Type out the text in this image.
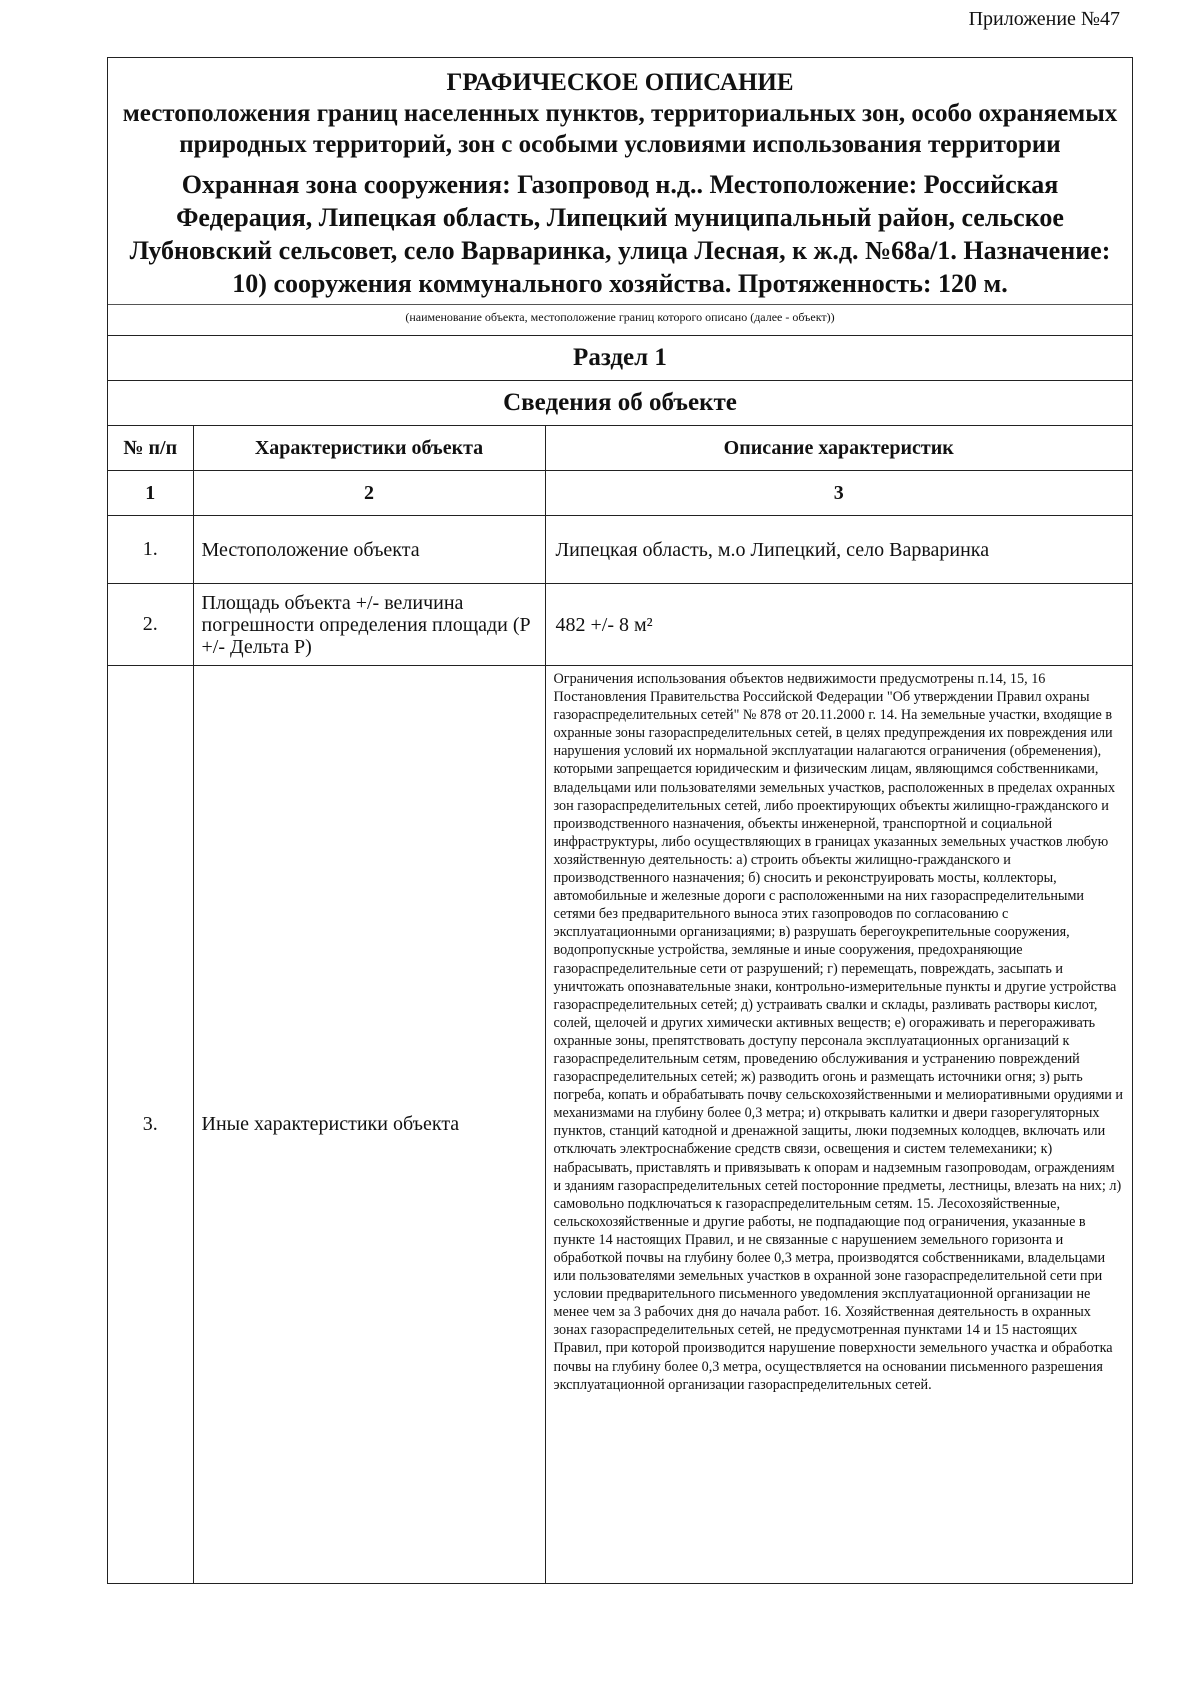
Приложение №47
ГРАФИЧЕСКОЕ ОПИСАНИЕ
местоположения границ населенных пунктов, территориальных зон, особо охраняемых природных территорий, зон с особыми условиями использования территории
Охранная зона сооружения: Газопровод н.д.. Местоположение: Российская Федерация, Липецкая область, Липецкий муниципальный район, сельское Лубновский сельсовет, село Варваринка, улица Лесная, к ж.д. №68а/1. Назначение: 10) сооружения коммунального хозяйства. Протяженность: 120 м.
(наименование объекта, местоположение границ которого описано (далее - объект))
Раздел 1
Сведения об объекте
№ п/п	Характеристики объекта	Описание характеристик
1	2	3
1.	Местоположение объекта	Липецкая область, м.о Липецкий, село Варваринка
2.	Площадь объекта +/- величина погрешности определения площади (P +/- Дельта P)	482 +/- 8 м²
3.	Иные характеристики объекта	Ограничения использования объектов недвижимости предусмотрены п.14, 15, 16 Постановления Правительства Российской Федерации "Об утверждении Правил охраны газораспределительных сетей" № 878 от 20.11.2000 г. 14. На земельные участки, входящие в охранные зоны газораспределительных сетей, в целях предупреждения их повреждения или нарушения условий их нормальной эксплуатации налагаются ограничения (обременения), которыми запрещается юридическим и физическим лицам, являющимся собственниками, владельцами или пользователями земельных участков, расположенных в пределах охранных зон газораспределительных сетей, либо проектирующих объекты жилищно-гражданского и производственного назначения, объекты инженерной, транспортной и социальной инфраструктуры, либо осуществляющих в границах указанных земельных участков любую хозяйственную деятельность: а) строить объекты жилищно-гражданского и производственного назначения; б) сносить и реконструировать мосты, коллекторы, автомобильные и железные дороги с расположенными на них газораспределительными сетями без предварительного выноса этих газопроводов по согласованию с эксплуатационными организациями; в) разрушать берегоукрепительные сооружения, водопропускные устройства, земляные и иные сооружения, предохраняющие газораспределительные сети от разрушений; г) перемещать, повреждать, засыпать и уничтожать опознавательные знаки, контрольно-измерительные пункты и другие устройства газораспределительных сетей; д) устраивать свалки и склады, разливать растворы кислот, солей, щелочей и других химически активных веществ; е) огораживать и перегораживать охранные зоны, препятствовать доступу персонала эксплуатационных организаций к газораспределительным сетям, проведению обслуживания и устранению повреждений газораспределительных сетей; ж) разводить огонь и размещать источники огня; з) рыть погреба, копать и обрабатывать почву сельскохозяйственными и мелиоративными орудиями и механизмами на глубину более 0,3 метра; и) открывать калитки и двери газорегуляторных пунктов, станций катодной и дренажной защиты, люки подземных колодцев, включать или отключать электроснабжение средств связи, освещения и систем телемеханики; к) набрасывать, приставлять и привязывать к опорам и надземным газопроводам, ограждениям и зданиям газораспределительных сетей посторонние предметы, лестницы, влезать на них; л) самовольно подключаться к газораспределительным сетям. 15. Лесохозяйственные, сельскохозяйственные и другие работы, не подпадающие под ограничения, указанные в пункте 14 настоящих Правил, и не связанные с нарушением земельного горизонта и обработкой почвы на глубину более 0,3 метра, производятся собственниками, владельцами или пользователями земельных участков в охранной зоне газораспределительной сети при условии предварительного письменного уведомления эксплуатационной организации не менее чем за 3 рабочих дня до начала работ. 16. Хозяйственная деятельность в охранных зонах газораспределительных сетей, не предусмотренная пунктами 14 и 15 настоящих Правил, при которой производится нарушение поверхности земельного участка и обработка почвы на глубину более 0,3 метра, осуществляется на основании письменного разрешения эксплуатационной организации газораспределительных сетей.
